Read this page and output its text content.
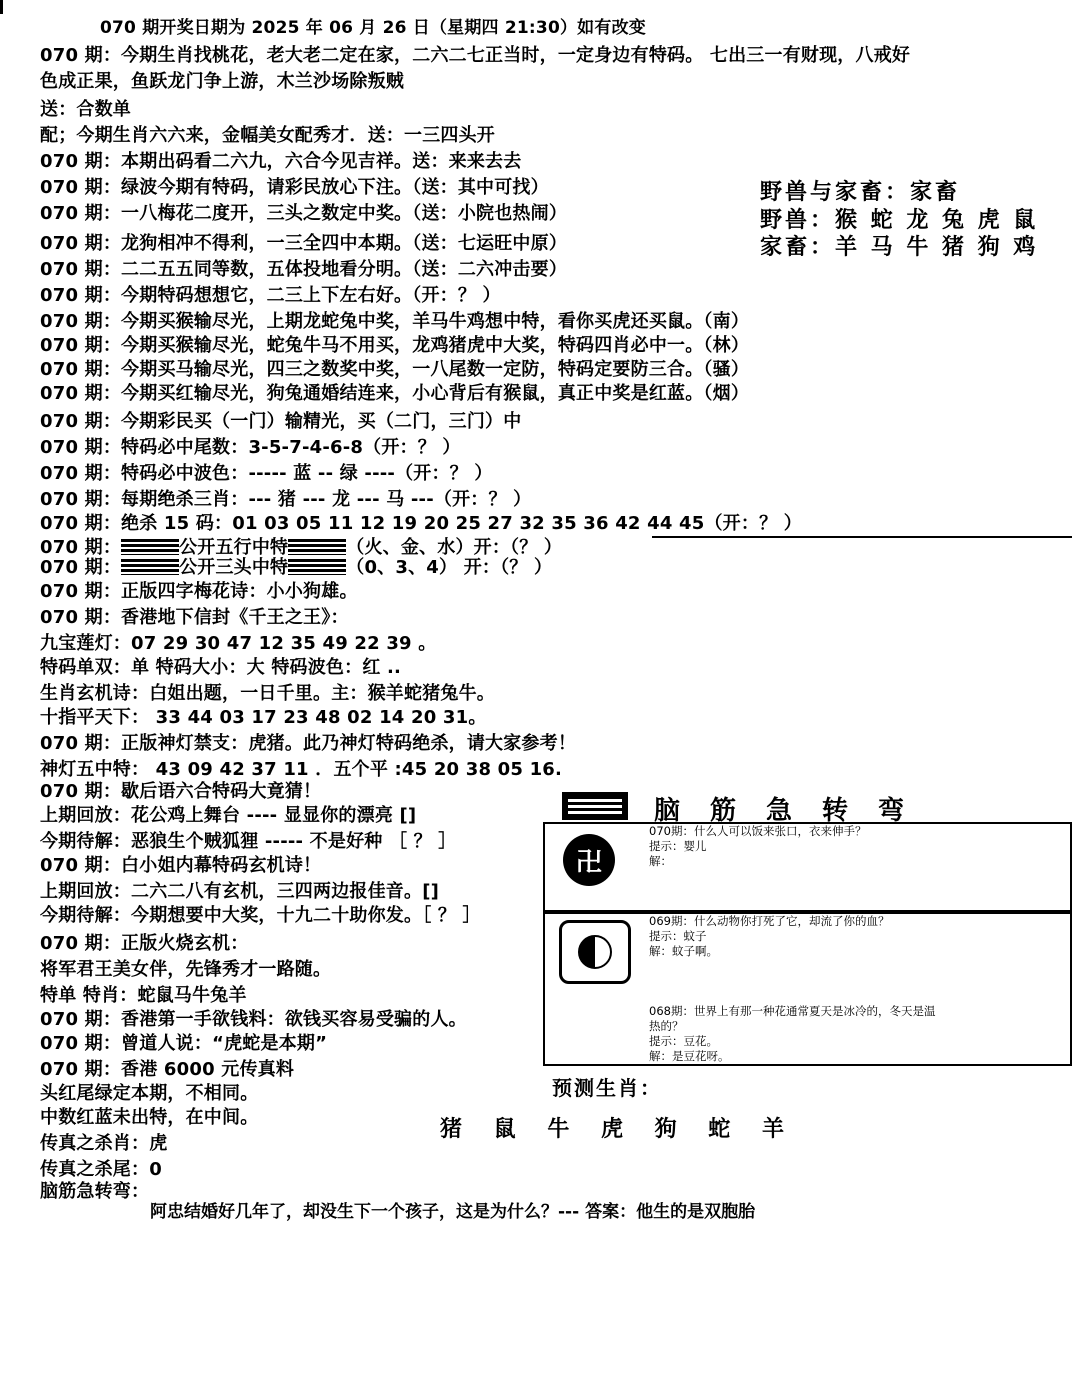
070 期开奖日期为 2025 年 06 月 26 日（星期四 21:30）如有改变
070 期：今期生肖找桃花，老大老二定在家，二六二七正当时，一定身边有特码。 七出三一有财现，八戒好
色成正果，鱼跃龙门争上游，木兰沙场除叛贼
送：合数单
配；今期生肖六六来，金幅美女配秀才．送：一三四头开
070 期：本期出码看二六九，六合今见吉祥。送：来来去去
070 期：绿波今期有特码，请彩民放心下注。（送：其中可找）
070 期：一八梅花二度开，三头之数定中奖。（送：小院也热闹）
070 期：龙狗相冲不得利，一三全四中本期。（送：七运旺中原）
070 期：二二五五同等数，五体投地看分明。（送：二六冲击要）
070 期：今期特码想想它，二三上下左右好。（开：？ ）
070 期：今期买猴输尽光，上期龙蛇兔中奖，羊马牛鸡想中特，看你买虎还买鼠。（南）
070 期：今期买猴输尽光，蛇兔牛马不用买，龙鸡猪虎中大奖，特码四肖必中一。（林）
070 期：今期买马输尽光，四三之数奖中奖，一八尾数一定防，特码定要防三合。（骚）
070 期：今期买红输尽光，狗兔通婚结连来，小心背后有猴鼠，真正中奖是红蓝。（烟）
070 期：今期彩民买（一门）输精光，买（二门，三门）中
070 期：特码必中尾数：3-5-7-4-6-8（开：？ ）
070 期：特码必中波色：----- 蓝 -- 绿 ----（开：？ ）
070 期：每期绝杀三肖：--- 猪 --- 龙 --- 马 ---（开：？ ）
070 期：绝杀 15 码：01 03 05 11 12 19 20 25 27 32 35 36 42 44 45（开：？ ）
070 期：	公开五行中特	（火、金、水）开：（？ ）
070 期：	公开三头中特	（0、3、4） 开：（？ ）
070 期：正版四字梅花诗：小小狗雄。
070 期：香港地下信封《千王之王》：
九宝莲灯：07 29 30 47 12 35 49 22 39 。
特码单双：单 特码大小：大 特码波色：红 ..
生肖玄机诗：白姐出题，一日千里。主：猴羊蛇猪兔牛。
十指平天下： 33 44 03 17 23 48 02 14 20 31。
070 期：正版神灯禁支：虎猪。此乃神灯特码绝杀，请大家参考！
神灯五中特： 43 09 42 37 11 ．五个平 :45 20 38 05 16.
070 期：歇后语六合特码大竟猜！
上期回放：花公鸡上舞台 ---- 显显你的漂亮 []
今期待解：恶狼生个贼狐狸 ----- 不是好种 ［ ？ ］
070 期：白小姐内幕特码玄机诗！
上期回放：二六二八有玄机，三四两边报佳音。[]
今期待解：今期想要中大奖，十九二十助你发。［ ？ ］
070 期：正版火烧玄机：
将军君王美女伴，先锋秀才一路随。
特单 特肖：蛇鼠马牛兔羊
070 期：香港第一手欲钱料：欲钱买容易受骗的人。
070 期：曾道人说：“虎蛇是本期”
070 期：香港 6000 元传真料
头红尾绿定本期，不相同。
中数红蓝未出特，在中间。
传真之杀肖：虎
传真之杀尾：0
脑筋急转弯：
野兽与家畜：家畜
野兽：猴 蛇 龙 兔 虎 鼠
家畜：羊 马 牛 猪 狗 鸡
脑筋急转弯
卍
070期：什么人可以饭来张口，衣来伸手？
提示：婴儿
解：
069期：什么动物你打死了它，却流了你的血？
提示：蚊子
解：蚊子啊。
068期：世界上有那一种花通常夏天是冰冷的，冬天是温
热的？
提示：豆花。
解：是豆花呀。
预测生肖：
猪 鼠 牛 虎 狗 蛇 羊
阿忠结婚好几年了，却没生下一个孩子，这是为什么？--- 答案：他生的是双胞胎
